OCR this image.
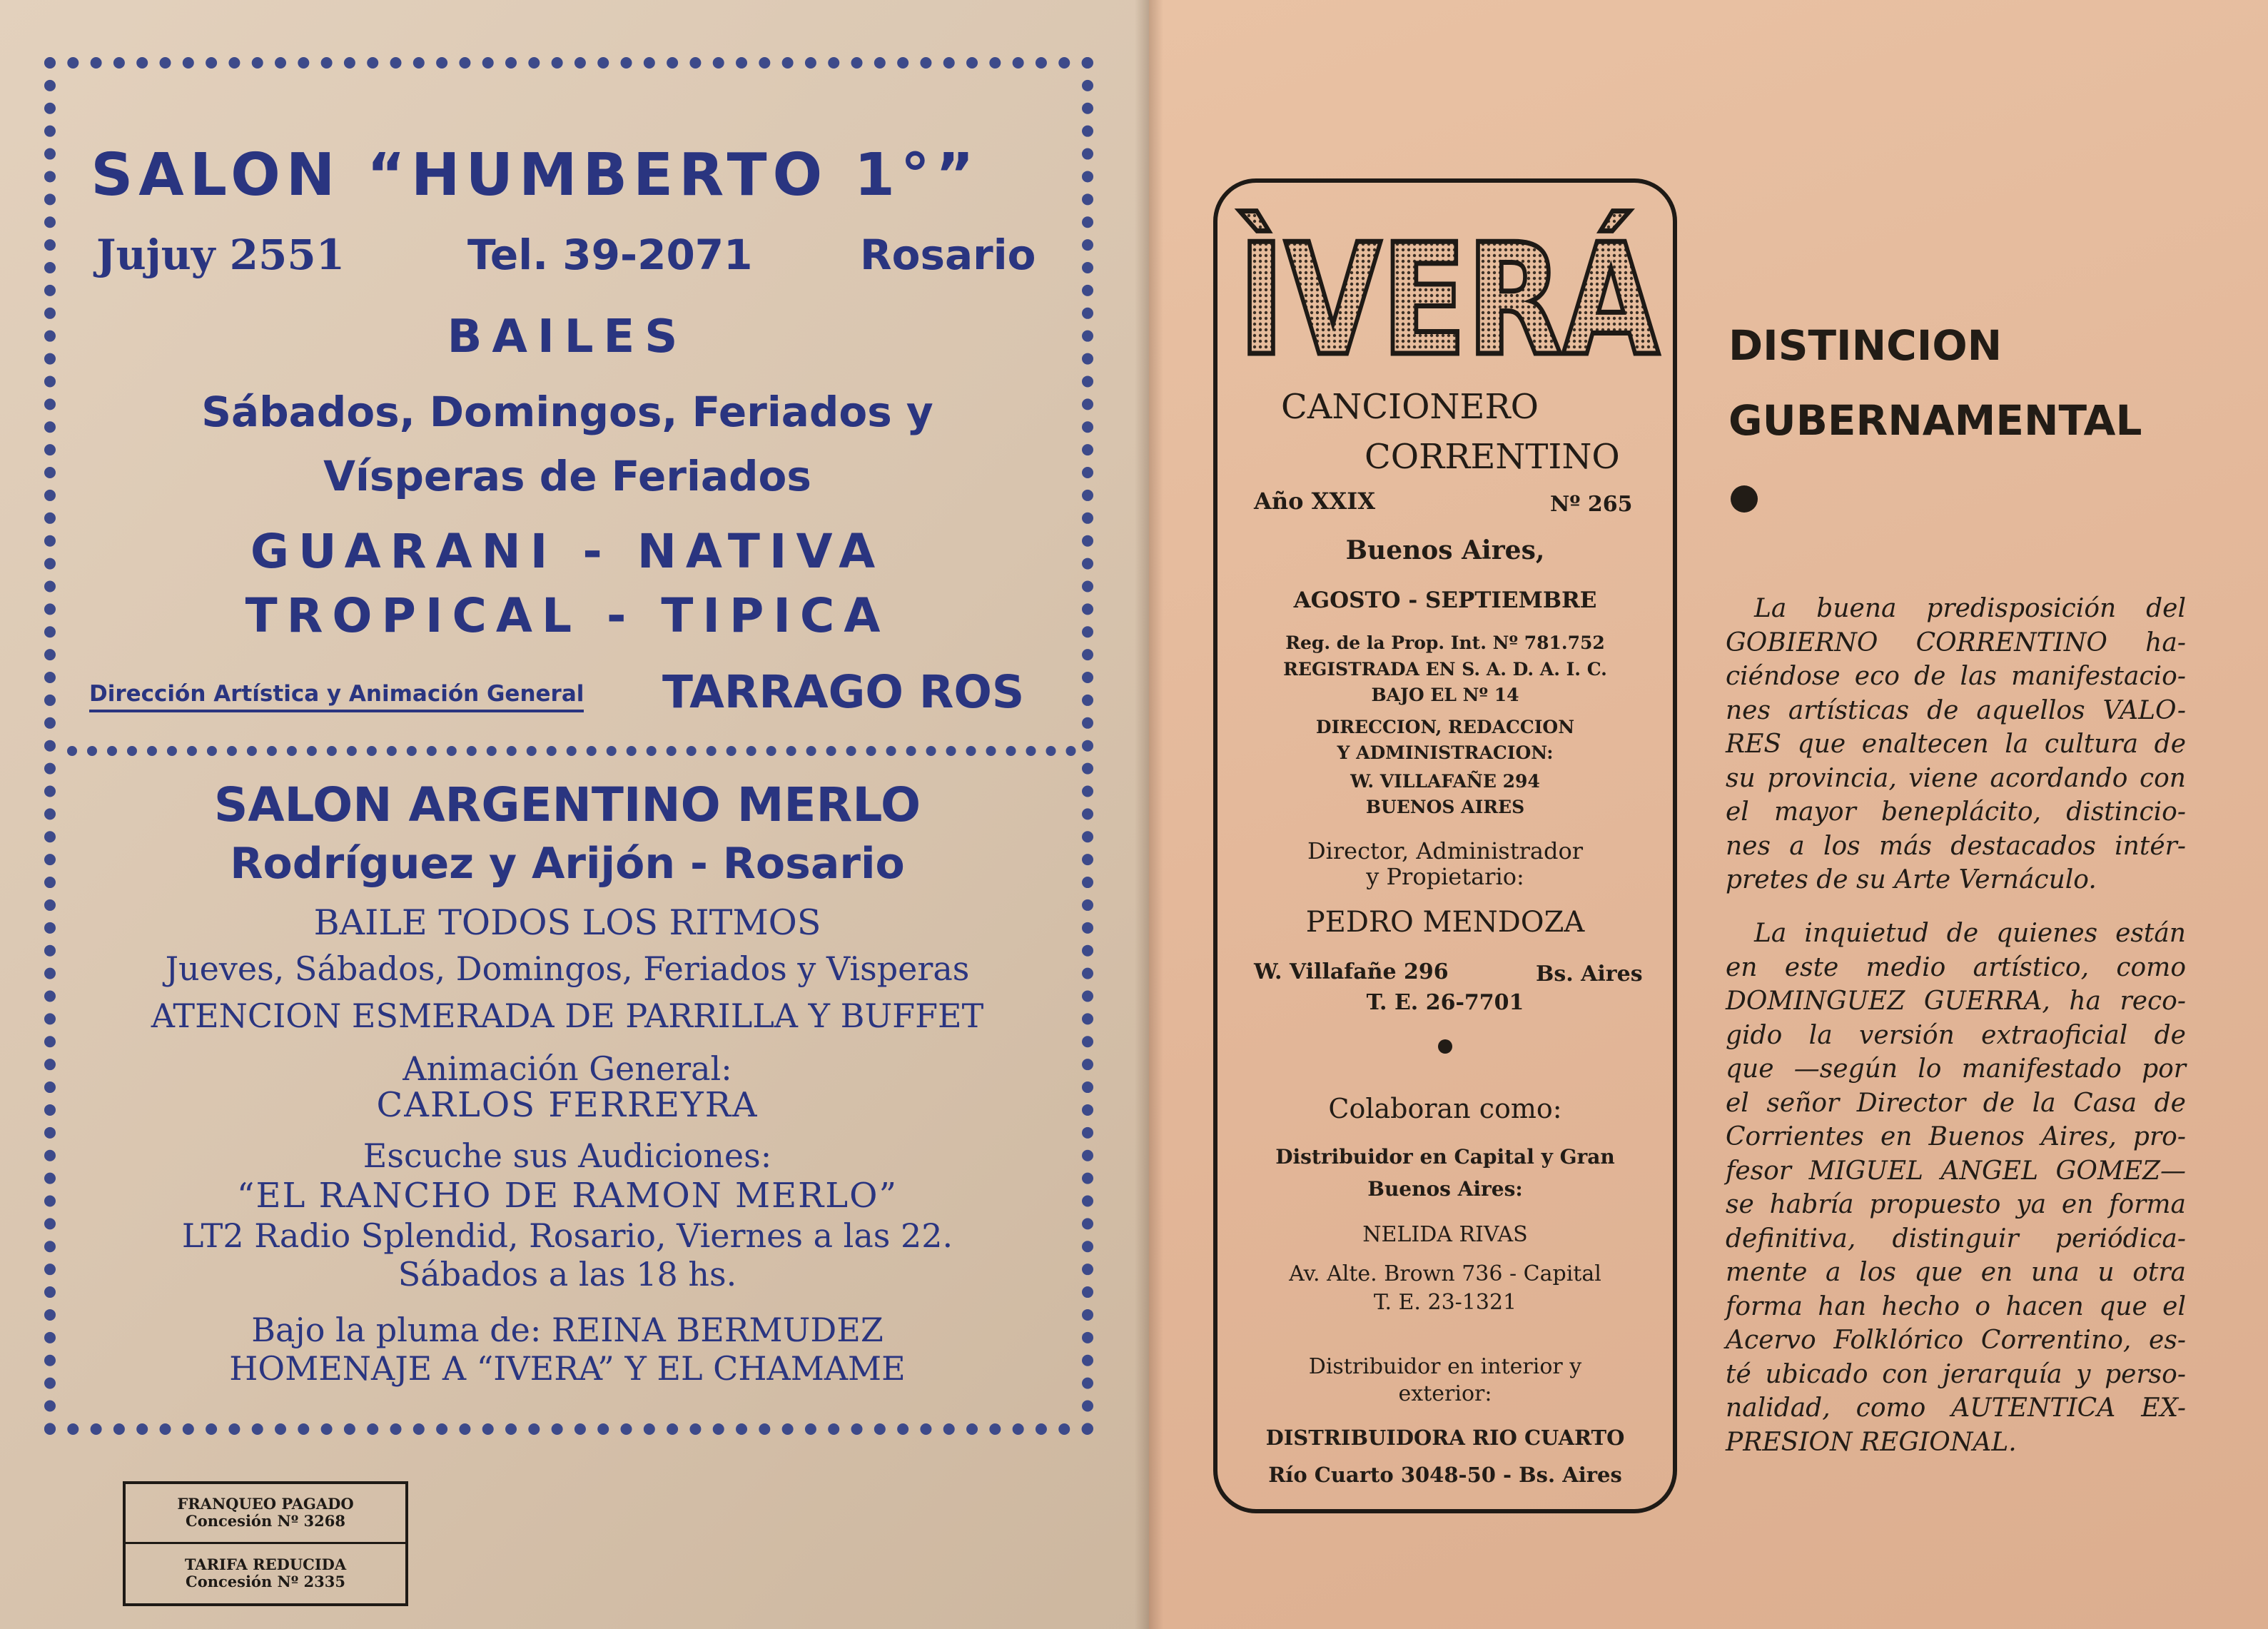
SALON “HUMBERTO 1°”
Jujuy 2551	Tel. 39-2071	Rosario
BAILES
Sábados, Domingos, Feriados y
Vísperas de Feriados
GUARANI - NATIVA
TROPICAL - TIPICA
Dirección Artística y Animación General TARRAGO ROS
SALON ARGENTINO MERLO
Rodríguez y Arijón - Rosario
BAILE TODOS LOS RITMOS
Jueves, Sábados, Domingos, Feriados y Visperas
ATENCION ESMERADA DE PARRILLA Y BUFFET
Animación General:
CARLOS FERREYRA
Escuche sus Audiciones:
“EL RANCHO DE RAMON MERLO”
LT2 Radio Splendid, Rosario, Viernes a las 22.
Sábados a las 18 hs.
Bajo la pluma de: REINA BERMUDEZ
HOMENAJE A “IVERA” Y EL CHAMAME
FRANQUEO PAGADO
Concesión Nº 3268
TARIFA REDUCIDA
Concesión Nº 2335
ÌVERÁ
CANCIONERO
CORRENTINO
Año XXIX	Nº 265
Buenos Aires,
AGOSTO - SEPTIEMBRE
Reg. de la Prop. Int. Nº 781.752
REGISTRADA EN S. A. D. A. I. C.
BAJO EL Nº 14
DIRECCION, REDACCION
Y ADMINISTRACION:
W. VILLAFAÑE 294
BUENOS AIRES
Director, Administrador
y Propietario:
PEDRO MENDOZA
W. Villafañe 296	Bs. Aires
T. E. 26-7701
Colaboran como:
Distribuidor en Capital y Gran
Buenos Aires:
NELIDA RIVAS
Av. Alte. Brown 736 - Capital
T. E. 23-1321
Distribuidor en interior y
exterior:
DISTRIBUIDORA RIO CUARTO
Río Cuarto 3048-50 - Bs. Aires
DISTINCION
GUBERNAMENTAL
La buena predisposición del
GOBIERNO CORRENTINO ha-
ciéndose eco de las manifestacio-
nes artísticas de aquellos VALO-
RES que enaltecen la cultura de
su provincia, viene acordando con
el mayor beneplácito, distincio-
nes a los más destacados intér-
pretes de su Arte Vernáculo.
La inquietud de quienes están
en este medio artístico, como
DOMINGUEZ GUERRA, ha reco-
gido la versión extraoficial de
que —según lo manifestado por
el señor Director de la Casa de
Corrientes en Buenos Aires, pro-
fesor MIGUEL ANGEL GOMEZ—
se habría propuesto ya en forma
definitiva, distinguir periódica-
mente a los que en una u otra
forma han hecho o hacen que el
Acervo Folklórico Correntino, es-
té ubicado con jerarquía y perso-
nalidad, como AUTENTICA EX-
PRESION REGIONAL.
